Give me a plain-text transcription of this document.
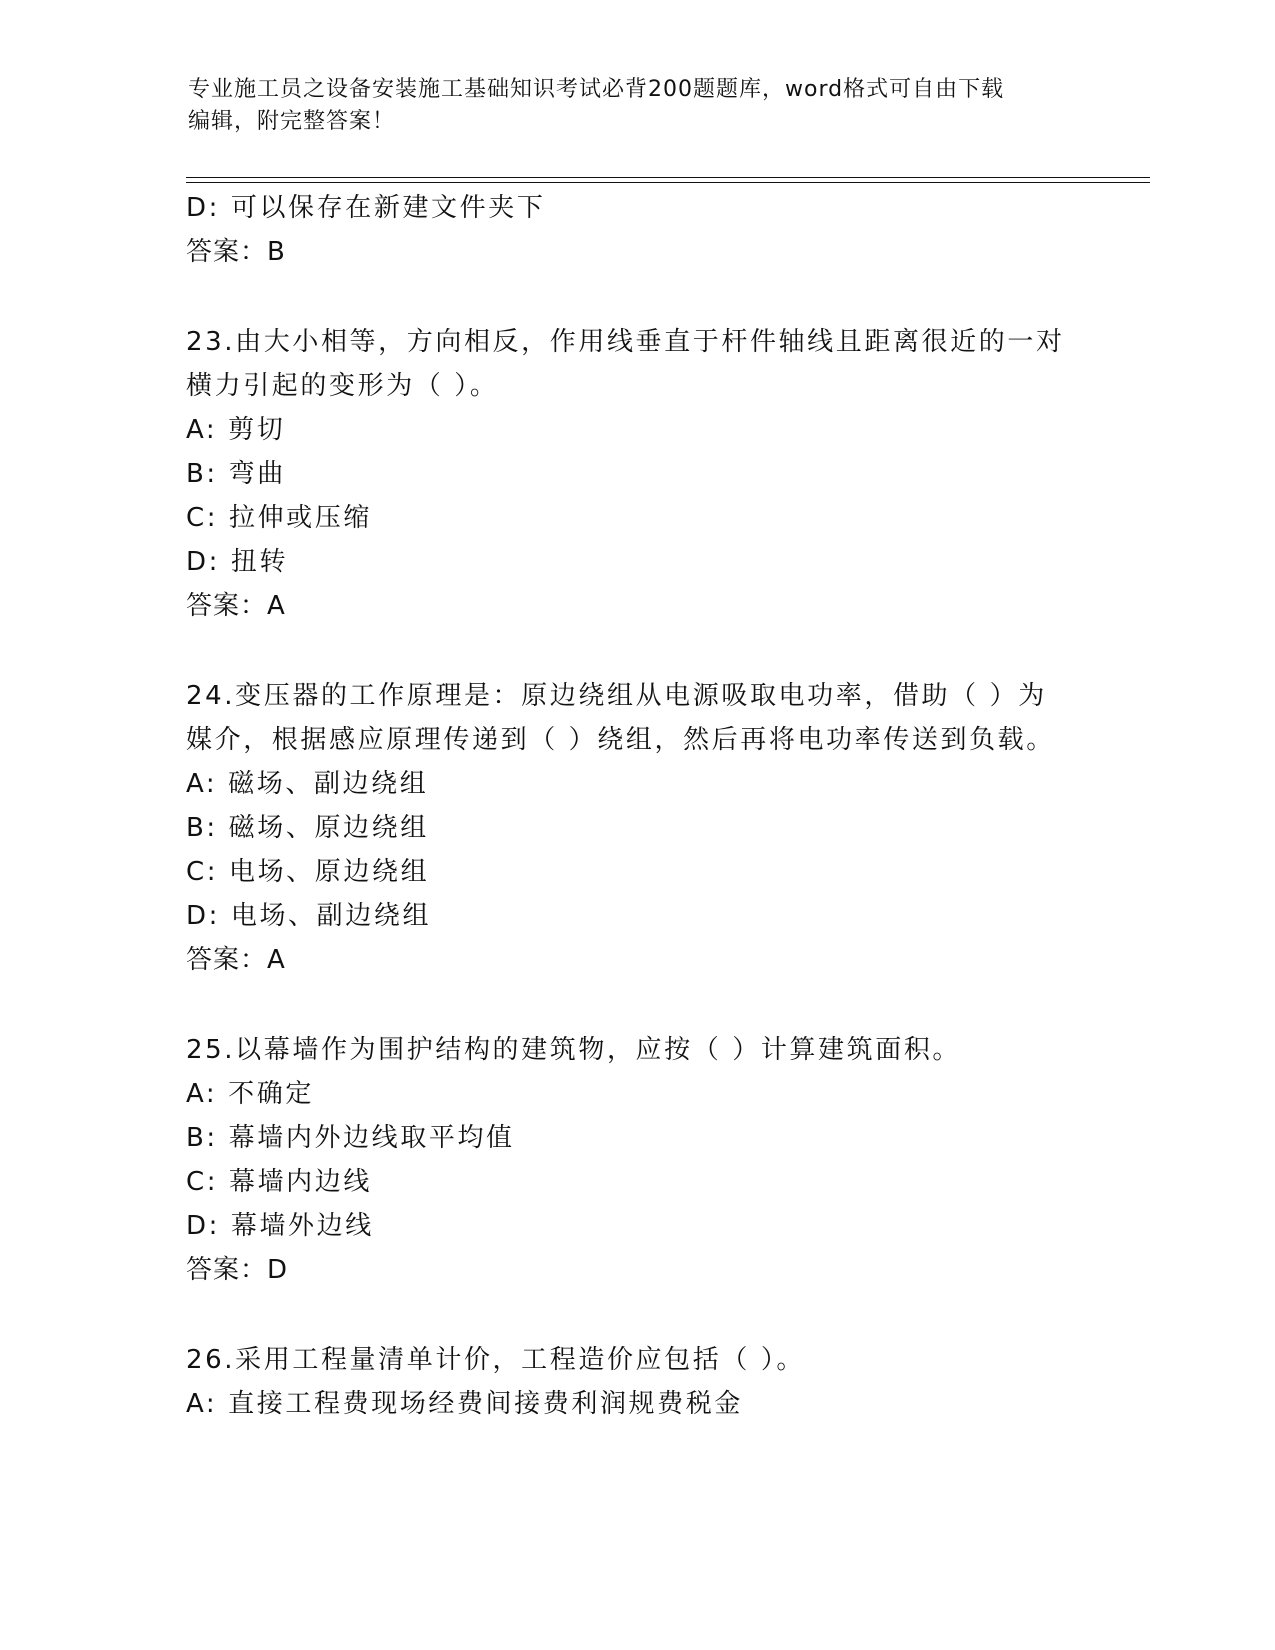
专业施工员之设备安装施工基础知识考试必背200题题库，word格式可自由下载
编辑，附完整答案！
D: 可以保存在新建文件夹下
答案：B
23.由大小相等，方向相反，作用线垂直于杆件轴线且距离很近的一对
横力引起的变形为（ ）。
A: 剪切
B: 弯曲
C: 拉伸或压缩
D: 扭转
答案：A
24.变压器的工作原理是：原边绕组从电源吸取电功率，借助（ ）为
媒介，根据感应原理传递到（ ）绕组，然后再将电功率传送到负载。
A: 磁场、副边绕组
B: 磁场、原边绕组
C: 电场、原边绕组
D: 电场、副边绕组
答案：A
25.以幕墙作为围护结构的建筑物，应按（ ）计算建筑面积。
A: 不确定
B: 幕墙内外边线取平均值
C: 幕墙内边线
D: 幕墙外边线
答案：D
26.采用工程量清单计价，工程造价应包括（ ）。
A: 直接工程费现场经费间接费利润规费税金
